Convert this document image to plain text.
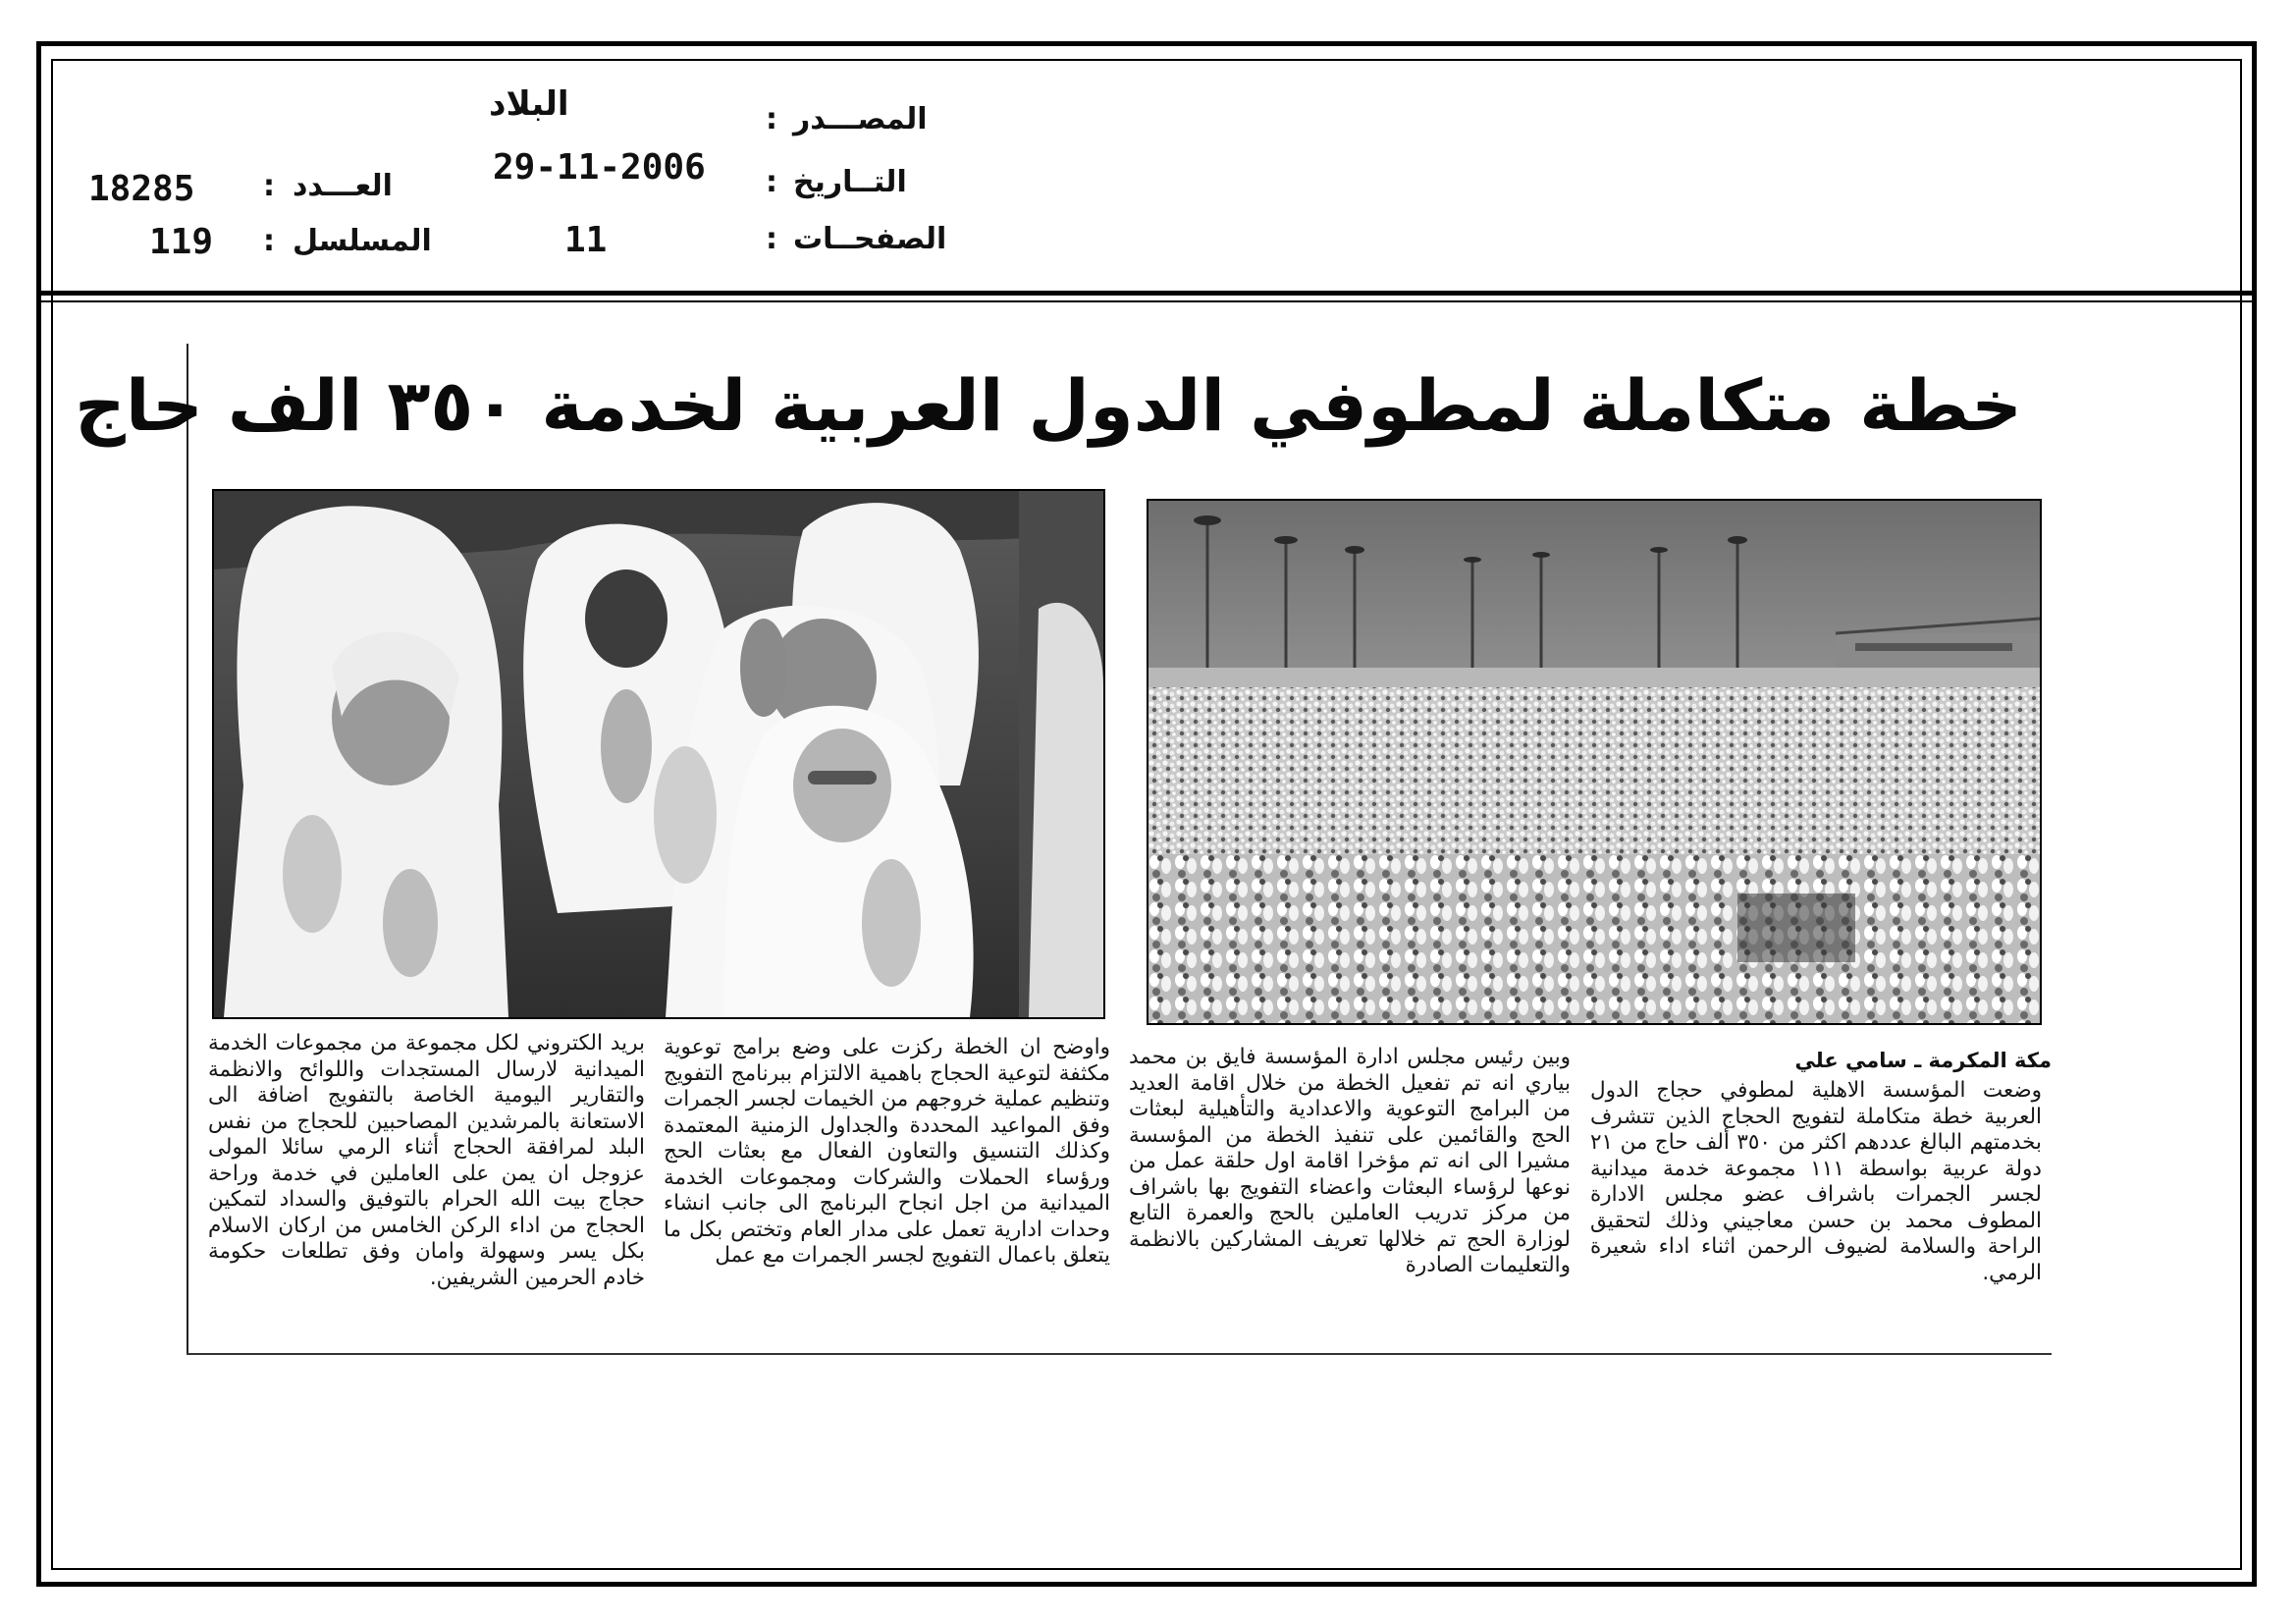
البلاد	المصـــدر
:
29-11-2006	التــاريخ
:
11	الصفحــات
:
18285 : العـــدد
119 : المسلسل
خطة متكاملة لمطوفي الدول العربية لخدمة ٣٥٠ الف حاج
مكة المكرمة ـ سامي علي

وضعت المؤسسة الاهلية لمطوفي حجاج الدول العربية خطة متكاملة لتفويج الحجاج الذين تتشرف بخدمتهم البالغ عددهم اكثر من ٣٥٠ ألف حاج من ٢١ دولة عربية بواسطة ١١١ مجموعة خدمة ميدانية لجسر الجمرات باشراف عضو مجلس الادارة المطوف محمد بن حسن معاجيني وذلك لتحقيق الراحة والسلامة لضيوف الرحمن اثناء اداء شعيرة الرمي.

وبين رئيس مجلس ادارة المؤسسة فايق بن محمد بياري انه تم تفعيل الخطة من خلال اقامة العديد من البرامج التوعوية والاعدادية والتأهيلية لبعثات الحج والقائمين على تنفيذ الخطة من المؤسسة مشيرا الى انه تم مؤخرا اقامة اول حلقة عمل من نوعها لرؤساء البعثات واعضاء التفويج بها باشراف من مركز تدريب العاملين بالحج والعمرة التابع لوزارة الحج تم خلالها تعريف المشاركين بالانظمة والتعليمات الصادرة

واوضح ان الخطة ركزت على وضع برامج توعوية مكثفة لتوعية الحجاج باهمية الالتزام ببرنامج التفويج وتنظيم عملية خروجهم من الخيمات لجسر الجمرات وفق المواعيد المحددة والجداول الزمنية المعتمدة وكذلك التنسيق والتعاون الفعال مع بعثات الحج ورؤساء الحملات والشركات ومجموعات الخدمة الميدانية من اجل انجاح البرنامج الى جانب انشاء وحدات ادارية تعمل على مدار العام وتختص بكل ما يتعلق باعمال التفويج لجسر الجمرات مع عمل

بريد الكتروني لكل مجموعة من مجموعات الخدمة الميدانية لارسال المستجدات واللوائح والانظمة والتقارير اليومية الخاصة بالتفويج اضافة الى الاستعانة بالمرشدين المصاحبين للحجاج من نفس البلد لمرافقة الحجاج أثناء الرمي سائلا المولى عزوجل ان يمن على العاملين في خدمة وراحة حجاج بيت الله الحرام بالتوفيق والسداد لتمكين الحجاج من اداء الركن الخامس من اركان الاسلام بكل يسر وسهولة وامان وفق تطلعات حكومة خادم الحرمين الشريفين.
